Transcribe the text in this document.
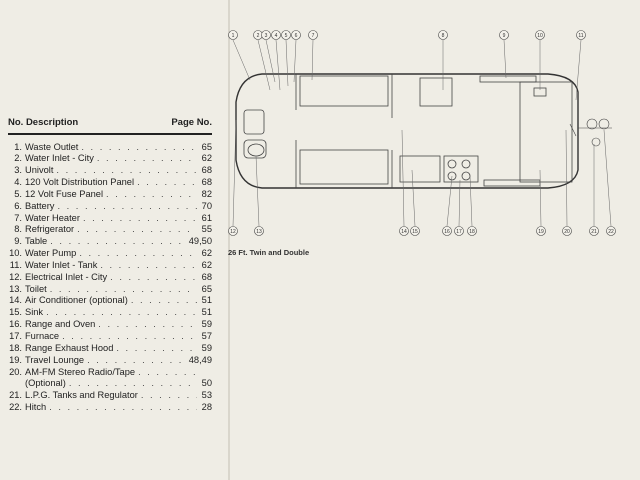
No. Description	Page No.
1. Waste Outlet . . .	65
2. Water Inlet - City . . .	62
3. Univolt . . .	68
4. 120 Volt Distribution Panel . . .	68
5. 12 Volt Fuse Panel . . .	82
6. Battery . . .	70
7. Water Heater . . .	61
8. Refrigerator . . .	55
9. Table . . .	49,50
10. Water Pump . . .	62
11. Water Inlet - Tank . . .	62
12. Electrical Inlet - City . . .	68
13. Toilet . . .	65
14. Air Conditioner (optional) . . .	51
15. Sink . . .	51
16. Range and Oven . . .	59
17. Furnace . . .	57
18. Range Exhaust Hood . . .	59
19. Travel Lounge . . .	48,49
20. AM-FM Stereo Radio/Tape
. . .
(Optional) . . .	50
21. L.P.G. Tanks and Regulator . . .	53
22. Hitch . . .	28
1	2 3 4 5 6	7	8	9	10	11
12	13	14 15	16 17 18	19	20	21 22
26 Ft. Twin and Double
